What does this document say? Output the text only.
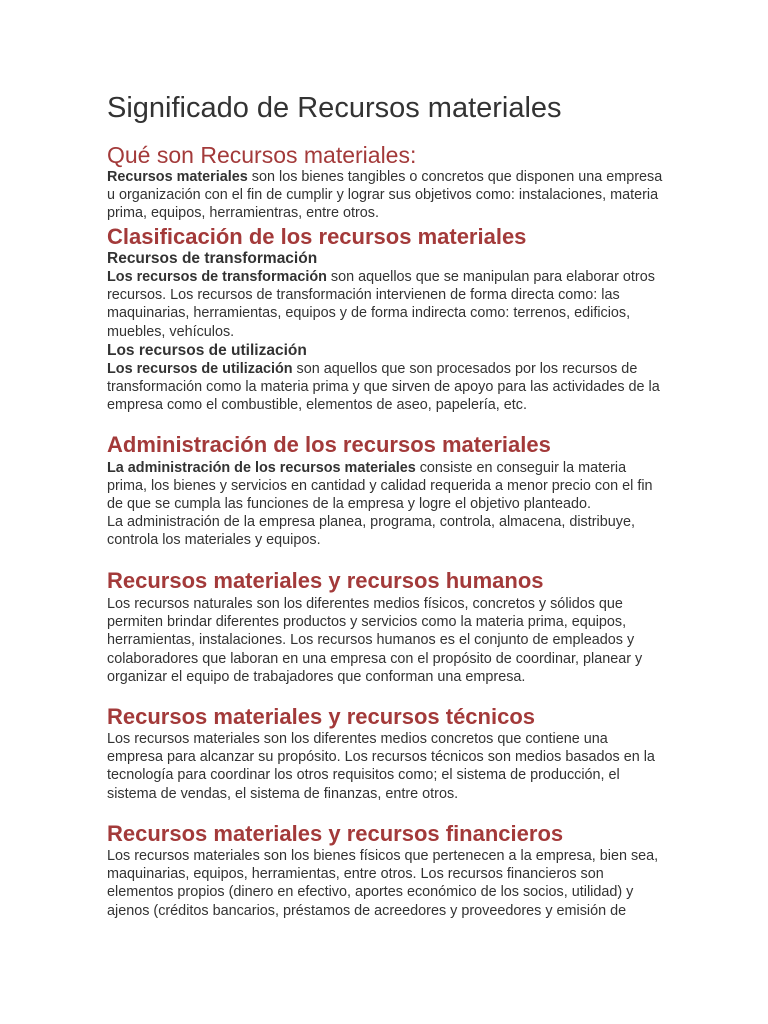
Significado de Recursos materiales
Qué son Recursos materiales:

Recursos materiales son los bienes tangibles o concretos que disponen una empresa u organización con el fin de cumplir y lograr sus objetivos como: instalaciones, materia prima, equipos, herramientras, entre otros.

Clasificación de los recursos materiales
Recursos de transformación

Los recursos de transformación son aquellos que se manipulan para elaborar otros recursos. Los recursos de transformación intervienen de forma directa como: las maquinarias, herramientas, equipos y de forma indirecta como: terrenos, edificios, muebles, vehículos.

Los recursos de utilización

Los recursos de utilización son aquellos que son procesados por los recursos de transformación como la materia prima y que sirven de apoyo para las actividades de la empresa como el combustible, elementos de aseo, papelería, etc.

Administración de los recursos materiales

La administración de los recursos materiales consiste en conseguir la materia prima, los bienes y servicios en cantidad y calidad requerida a menor precio con el fin de que se cumpla las funciones de la empresa y logre el objetivo planteado.

La administración de la empresa planea, programa, controla, almacena, distribuye, controla los materiales y equipos.

Recursos materiales y recursos humanos

Los recursos naturales son los diferentes medios físicos, concretos y sólidos que permiten brindar diferentes productos y servicios como la materia prima, equipos, herramientas, instalaciones. Los recursos humanos es el conjunto de empleados y colaboradores que laboran en una empresa con el propósito de coordinar, planear y organizar el equipo de trabajadores que conforman una empresa.

Recursos materiales y recursos técnicos

Los recursos materiales son los diferentes medios concretos que contiene una empresa para alcanzar su propósito. Los recursos técnicos son medios basados en la tecnología para coordinar los otros requisitos como; el sistema de producción, el sistema de vendas, el sistema de finanzas, entre otros.

Recursos materiales y recursos financieros

Los recursos materiales son los bienes físicos que pertenecen a la empresa, bien sea, maquinarias, equipos, herramientas, entre otros. Los recursos financieros son elementos propios (dinero en efectivo, aportes económico de los socios, utilidad) y ajenos (créditos bancarios, préstamos de acreedores y proveedores y emisión de
